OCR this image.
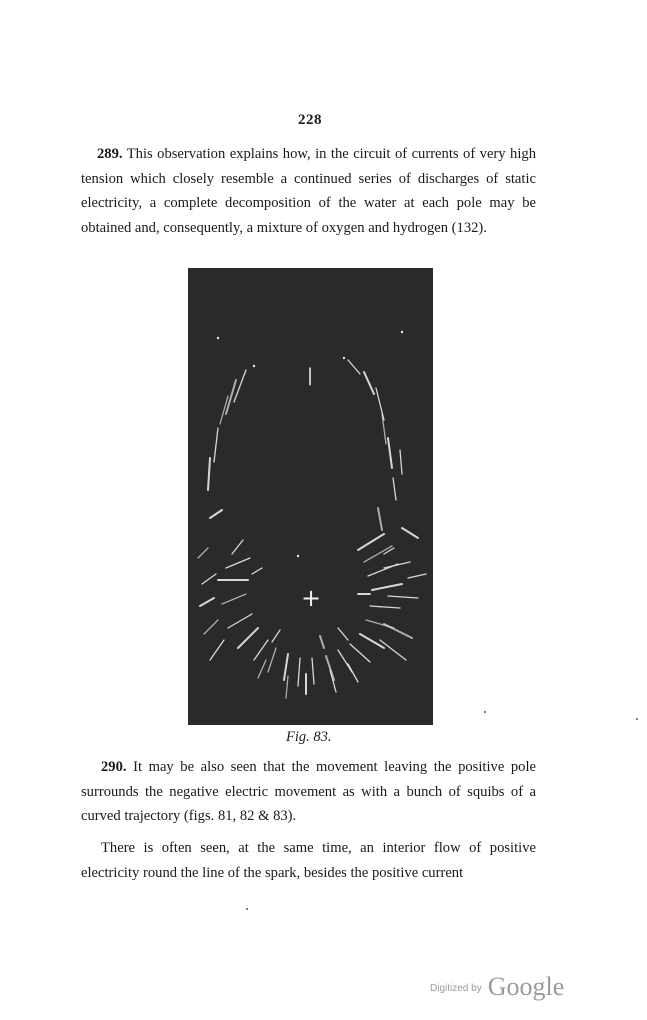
228

289. This observation explains how, in the circuit of currents of very high tension which closely resemble a continued series of discharges of static electricity, a complete decomposition of the water at each pole may be obtained and, consequently, a mixture of oxygen and hydrogen (132).

|
+
Fig. 83.

290. It may be also seen that the movement leaving the positive pole surrounds the negative electric movement as with a bunch of squibs of a curved trajectory (figs. 81, 82 & 83).

There is often seen, at the same time, an interior flow of positive electricity round the line of the spark, besides the positive current

$^{Digitized by}$ Google
